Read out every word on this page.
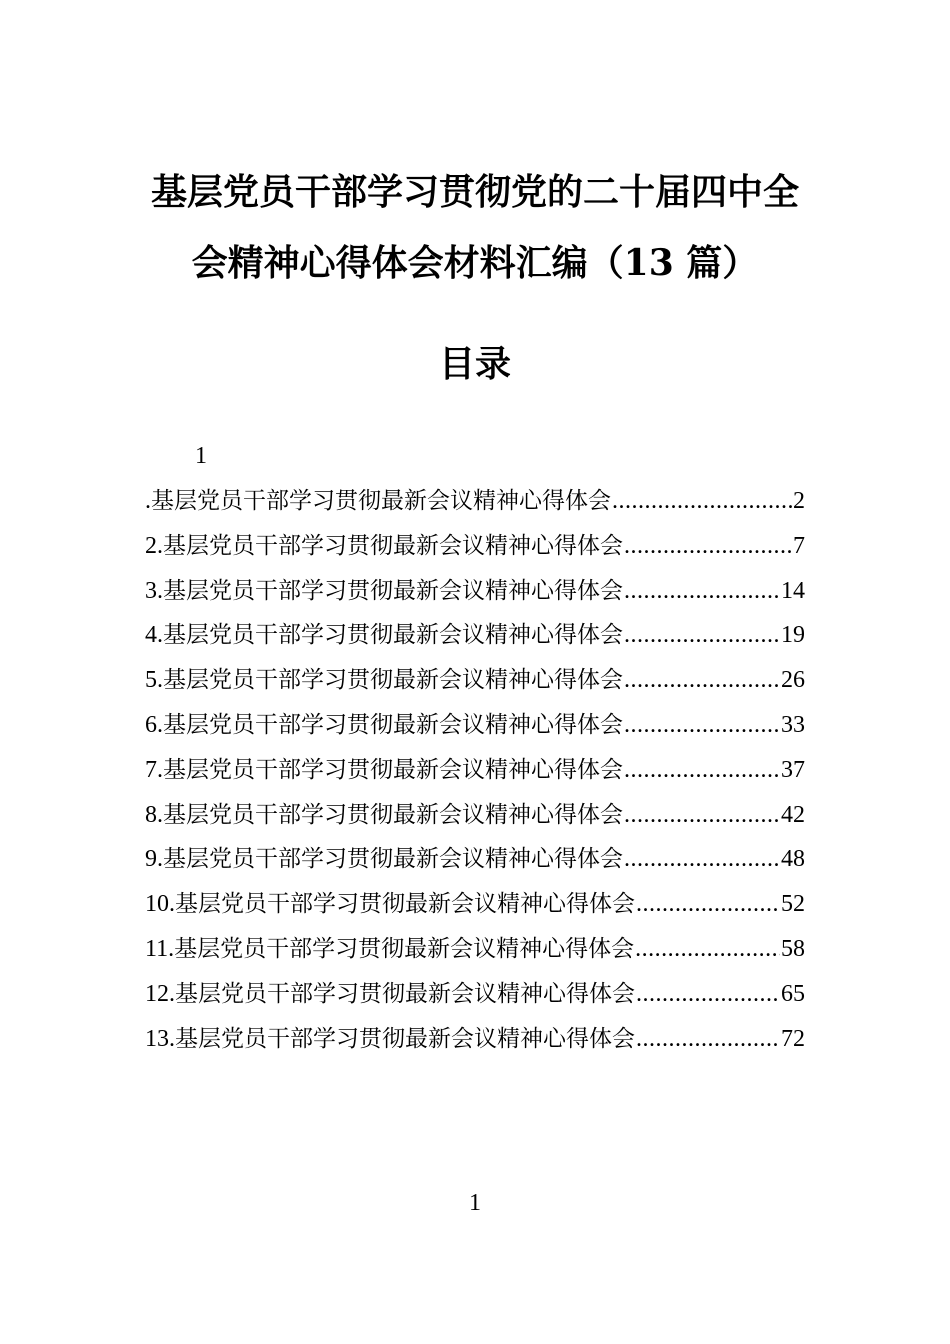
基层党员干部学习贯彻党的二十届四中全
会精神心得体会材料汇编（13 篇）
目录
1
. 基层党员干部学习贯彻最新会议精神心得体会 .....	2
2. 基层党员干部学习贯彻最新会议精神心得体会 .....	7
3. 基层党员干部学习贯彻最新会议精神心得体会 .....	14
4. 基层党员干部学习贯彻最新会议精神心得体会 .....	19
5. 基层党员干部学习贯彻最新会议精神心得体会 .....	26
6. 基层党员干部学习贯彻最新会议精神心得体会 .....	33
7. 基层党员干部学习贯彻最新会议精神心得体会 .....	37
8. 基层党员干部学习贯彻最新会议精神心得体会 .....	42
9. 基层党员干部学习贯彻最新会议精神心得体会 .....	48
10. 基层党员干部学习贯彻最新会议精神心得体会 .....	52
11. 基层党员干部学习贯彻最新会议精神心得体会 .....	58
12. 基层党员干部学习贯彻最新会议精神心得体会 .....	65
13. 基层党员干部学习贯彻最新会议精神心得体会 .....	72
1
